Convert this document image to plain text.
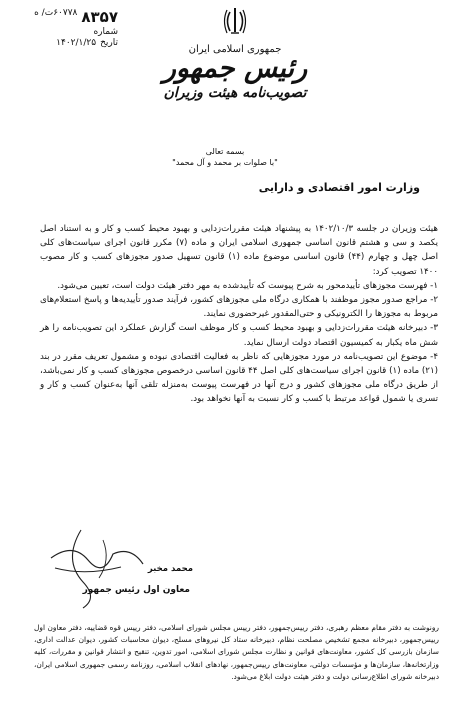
۸۳۵۷
۶۰۷۷۸ت/ ه
شماره
تاریخ
۱۴۰۲/۱/۲۵
جمهوری اسلامی ایران
رئیس جمهور
تصویب‌نامه هیئت وزیران
بسمه تعالی
"با صلوات بر محمد و آل محمد"
وزارت امور اقتصادی و دارایی

هیئت وزیران در جلسه ۱۴۰۲/۱۰/۳ به پیشنهاد هیئت مقررات‌زدایی و بهبود محیط کسب و کار و به استناد اصل یکصد و سی و هشتم قانون اساسی جمهوری اسلامی ایران و ماده (۷) مکرر قانون اجرای سیاست‌های کلی اصل چهل و چهارم (۴۴) قانون اساسی موضوع ماده (۱) قانون تسهیل صدور مجوزهای کسب و کار مصوب ۱۴۰۰ تصویب کرد:

۱- فهرست مجوزهای تأییدمحور به شرح پیوست که تأییدشده به مهر دفتر هیئت دولت است، تعیین می‌شود.

۲- مراجع صدور مجوز موظفند با همکاری درگاه ملی مجوزهای کشور، فرآیند صدور تأییدیه‌ها و پاسخ استعلام‌های مربوط به مجوزها را الکترونیکی و حتی‌المقدور غیرحضوری نمایند.

۳- دبیرخانه هیئت مقررات‌زدایی و بهبود محیط کسب و کار موظف است گزارش عملکرد این تصویب‌نامه را هر شش ماه یکبار به کمیسیون اقتصاد دولت ارسال نماید.

۴- موضوع این تصویب‌نامه در مورد مجوزهایی که ناظر به فعالیت اقتصادی نبوده و مشمول تعریف مقرر در بند (۲۱) ماده (۱) قانون اجرای سیاست‌های کلی اصل ۴۴ قانون اساسی درخصوص مجوزهای کسب و کار نمی‌باشد، از طریق درگاه ملی مجوزهای کشور و درج آنها در فهرست پیوست به‌منزله تلقی آنها به‌عنوان کسب و کار و تسری یا شمول قواعد مرتبط با کسب و کار نسبت به آنها نخواهد بود.

محمد مخبر
معاون اول رئیس جمهور
رونوشت به دفتر مقام معظم رهبری، دفتر رییس‌جمهور، دفتر رییس مجلس شورای اسلامی، دفتر رییس قوه قضاییه، دفتر معاون اول رییس‌جمهور، دبیرخانه مجمع تشخیص مصلحت نظام، دبیرخانه ستاد کل نیروهای مسلح، دیوان محاسبات کشور، دیوان عدالت اداری، سازمان بازرسی کل کشور، معاونت‌های قوانین و نظارت مجلس شورای اسلامی، امور تدوین، تنقیح و انتشار قوانین و مقررات، کلیه وزارتخانه‌ها، سازمان‌ها و مؤسسات دولتی، معاونت‌های رییس‌جمهور، نهادهای انقلاب اسلامی، روزنامه رسمی جمهوری اسلامی ایران، دبیرخانه شورای اطلاع‌رسانی دولت و دفتر هیئت دولت ابلاغ می‌شود.
